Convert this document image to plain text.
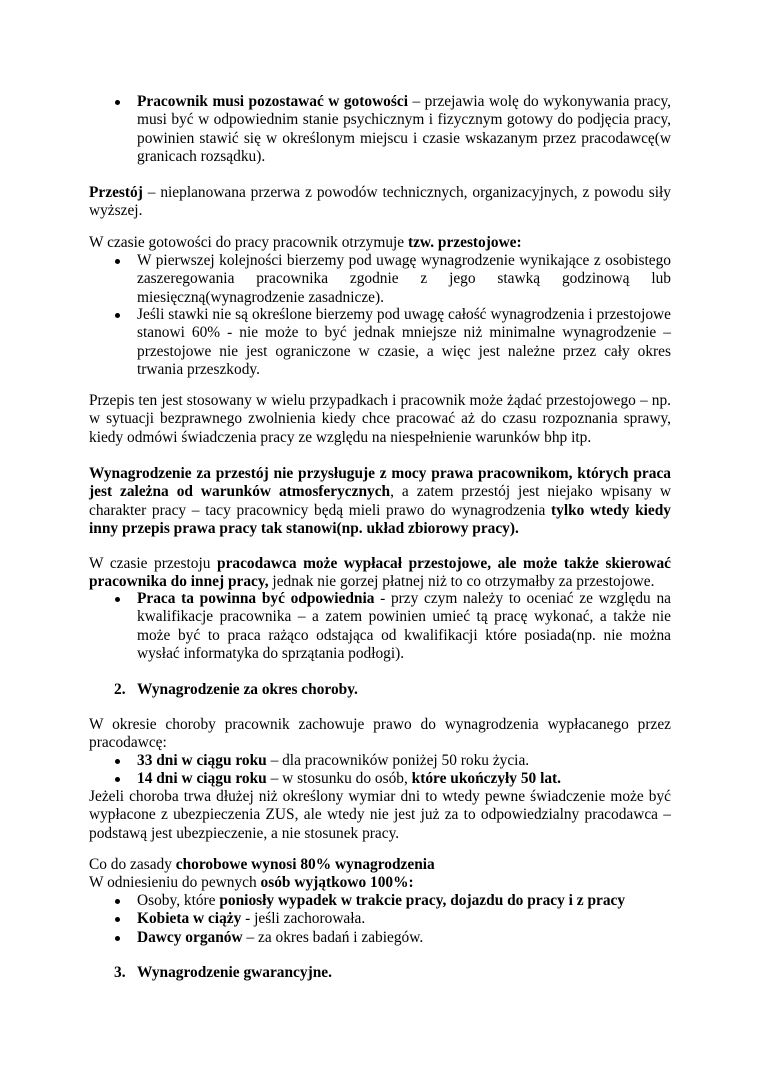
Pracownik musi pozostawać w gotowości – przejawia wolę do wykonywania pracy, musi być w odpowiednim stanie psychicznym i fizycznym gotowy do podjęcia pracy, powinien stawić się w określonym miejscu i czasie wskazanym przez pracodawcę(w granicach rozsądku).

Przestój – nieplanowana przerwa z powodów technicznych, organizacyjnych, z powodu siły wyższej.

W czasie gotowości do pracy pracownik otrzymuje tzw. przestojowe:

W pierwszej kolejności bierzemy pod uwagę wynagrodzenie wynikające z osobistego zaszeregowania pracownika zgodnie z jego stawką godzinową lub miesięczną(wynagrodzenie zasadnicze).
Jeśli stawki nie są określone bierzemy pod uwagę całość wynagrodzenia i przestojowe stanowi 60% - nie może to być jednak mniejsze niż minimalne wynagrodzenie – przestojowe nie jest ograniczone w czasie, a więc jest należne przez cały okres trwania przeszkody.

Przepis ten jest stosowany w wielu przypadkach i pracownik może żądać przestojowego – np. w sytuacji bezprawnego zwolnienia kiedy chce pracować aż do czasu rozpoznania sprawy, kiedy odmówi świadczenia pracy ze względu na niespełnienie warunków bhp itp.

Wynagrodzenie za przestój nie przysługuje z mocy prawa pracownikom, których praca jest zależna od warunków atmosferycznych, a zatem przestój jest niejako wpisany w charakter pracy – tacy pracownicy będą mieli prawo do wynagrodzenia tylko wtedy kiedy inny przepis prawa pracy tak stanowi(np. układ zbiorowy pracy).

W czasie przestoju pracodawca może wypłacał przestojowe, ale może także skierować pracownika do innej pracy, jednak nie gorzej płatnej niż to co otrzymałby za przestojowe.

Praca ta powinna być odpowiednia - przy czym należy to oceniać ze względu na kwalifikacje pracownika – a zatem powinien umieć tą pracę wykonać, a także nie może być to praca rażąco odstająca od kwalifikacji które posiada(np. nie można wysłać informatyka do sprzątania podłogi).
2. Wynagrodzenie za okres choroby.

W okresie choroby pracownik zachowuje prawo do wynagrodzenia wypłacanego przez pracodawcę:

33 dni w ciągu roku – dla pracowników poniżej 50 roku życia.
14 dni w ciągu roku – w stosunku do osób, które ukończyły 50 lat.

Jeżeli choroba trwa dłużej niż określony wymiar dni to wtedy pewne świadczenie może być wypłacone z ubezpieczenia ZUS, ale wtedy nie jest już za to odpowiedzialny pracodawca – podstawą jest ubezpieczenie, a nie stosunek pracy.

Co do zasady chorobowe wynosi 80% wynagrodzenia

W odniesieniu do pewnych osób wyjątkowo 100%:

Osoby, które poniosły wypadek w trakcie pracy, dojazdu do pracy i z pracy
Kobieta w ciąży - jeśli zachorowała.
Dawcy organów – za okres badań i zabiegów.
3. Wynagrodzenie gwarancyjne.
